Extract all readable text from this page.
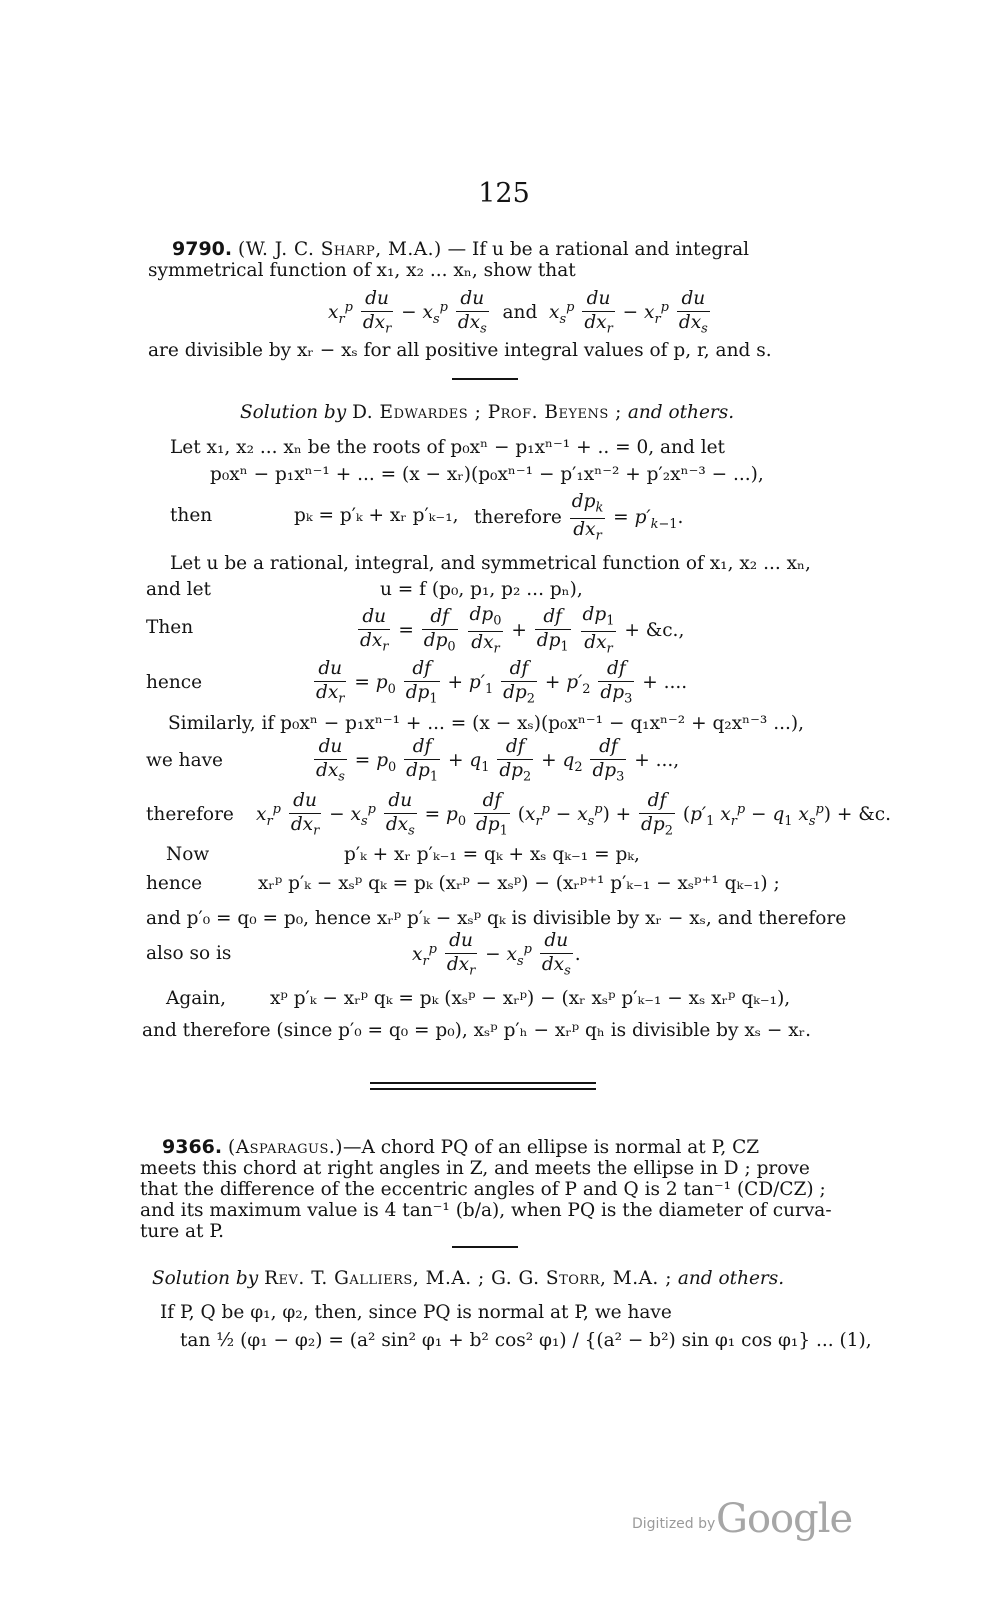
125
9790. (W. J. C. Sharp, M.A.) — If u be a rational and integral
symmetrical function of x₁, x₂ ... xₙ, show that
$x_r^p \frac{du}{dx_r} - x_s^p \frac{du}{dx_s}$ and  $x_s^p \frac{du}{dx_r} - x_r^p \frac{du}{dx_s}$
are divisible by xᵣ − xₛ for all positive integral values of p, r, and s.
Solution by D. Edwardes ; Prof. Beyens ; and others.
Let x₁, x₂ ... xₙ be the roots of p₀xⁿ − p₁xⁿ⁻¹ + .. = 0, and let
p₀xⁿ − p₁xⁿ⁻¹ + ... = (x − xᵣ)(p₀xⁿ⁻¹ − p′₁xⁿ⁻² + p′₂xⁿ⁻³ − ...),
then	pₖ = p′ₖ + xᵣ p′ₖ₋₁, therefore $\frac{dp_k}{dx_r} = p'_{k-1}$.
Let u be a rational, integral, and symmetrical function of x₁, x₂ ... xₙ,
and let	u = f (p₀, p₁, p₂ ... pₙ),
Then	$\frac{du}{dx_r} = \frac{df}{dp_0}$
$\frac{dp_0}{dx_r} + \frac{df}{dp_1}$
$\frac{dp_1}{dx_r}$ + &c.,
hence	$\frac{du}{dx_r} = p_0 \frac{df}{dp_1} + p'_1 \frac{df}{dp_2} + p'_2 \frac{df}{dp_3}$ + ....
Similarly, if p₀xⁿ − p₁xⁿ⁻¹ + ... = (x − xₛ)(p₀xⁿ⁻¹ − q₁xⁿ⁻² + q₂xⁿ⁻³ ...),
we have	$\frac{du}{dx_s} = p_0 \frac{df}{dp_1} + q_1 \frac{df}{dp_2} + q_2 \frac{df}{dp_3}$ + ...,
therefore $x_r^p \frac{du}{dx_r} - x_s^p \frac{du}{dx_s} = p_0 \frac{df}{dp_1} (x_r^p - x_s^p) + \frac{df}{dp_2} (p'_1$ $x_r^p - q_1$ $x_s^p$) + &c.
Now	p′ₖ + xᵣ p′ₖ₋₁ = qₖ + xₛ qₖ₋₁ = pₖ,
hence	xᵣᵖ p′ₖ − xₛᵖ qₖ = pₖ (xᵣᵖ − xₛᵖ) − (xᵣᵖ⁺¹ p′ₖ₋₁ − xₛᵖ⁺¹ qₖ₋₁) ;
and p′₀ = q₀ = p₀, hence xᵣᵖ p′ₖ − xₛᵖ qₖ is divisible by xᵣ − xₛ, and therefore
also so is	$x_r^p \frac{du}{dx_r} - x_s^p \frac{du}{dx_s}$ .
Again, xᵖ p′ₖ − xᵣᵖ qₖ = pₖ (xₛᵖ − xᵣᵖ) − (xᵣ xₛᵖ p′ₖ₋₁ − xₛ xᵣᵖ qₖ₋₁),
and therefore (since p′₀ = q₀ = p₀), xₛᵖ p′ₕ − xᵣᵖ qₕ is divisible by xₛ − xᵣ.
9366. (Asparagus.)—A chord PQ of an ellipse is normal at P, CZ
meets this chord at right angles in Z, and meets the ellipse in D ; prove
that the difference of the eccentric angles of P and Q is 2 tan⁻¹ (CD/CZ) ;
and its maximum value is 4 tan⁻¹ (b/a), when PQ is the diameter of curva-
ture at P.
Solution by Rev. T. Galliers, M.A. ; G. G. Storr, M.A. ; and others.
If P, Q be φ₁, φ₂, then, since PQ is normal at P, we have
tan ½ (φ₁ − φ₂) = (a² sin² φ₁ + b² cos² φ₁) / {(a² − b²) sin φ₁ cos φ₁} ... (1),
Digitized by Google
